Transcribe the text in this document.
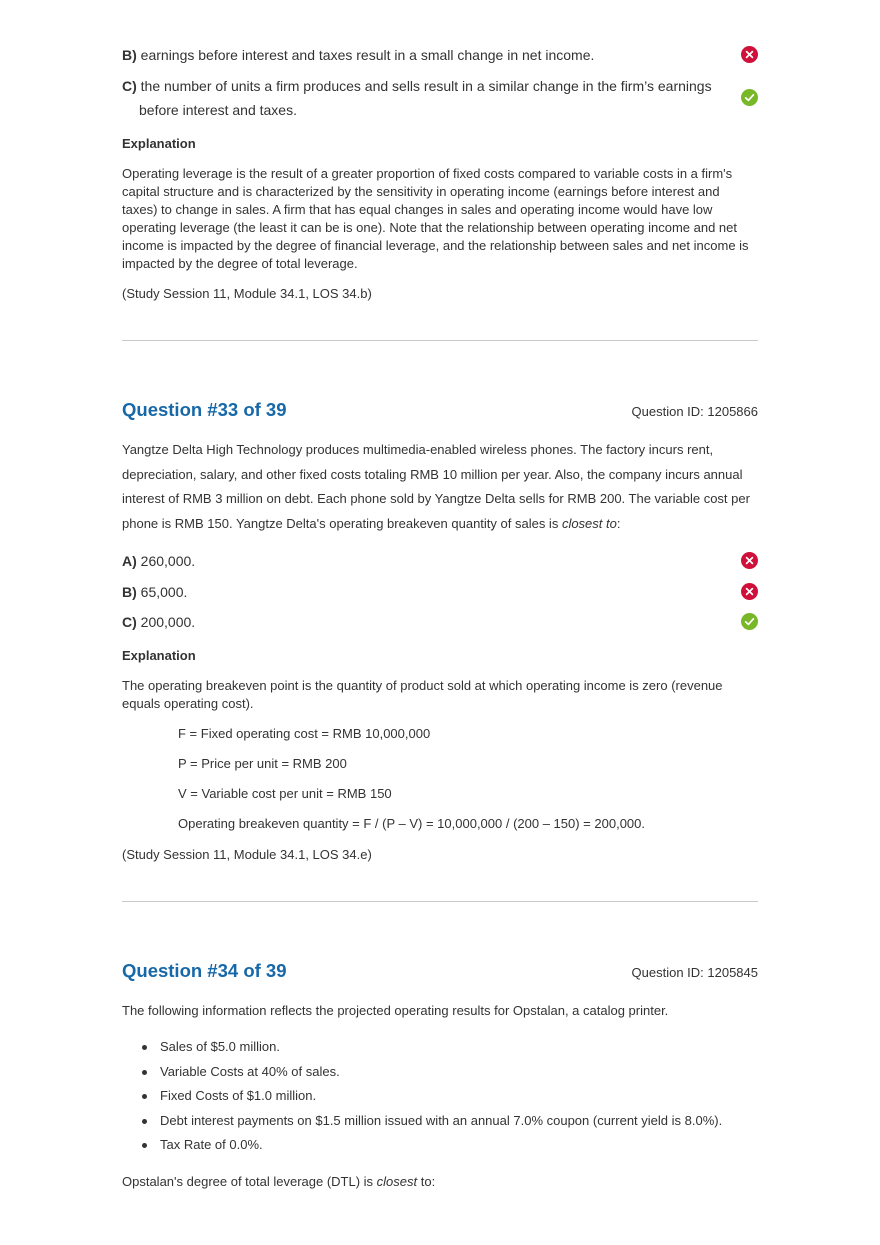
B) earnings before interest and taxes result in a small change in net income.
C) the number of units a firm produces and sells result in a similar change in the firm’s earnings before interest and taxes.
Explanation
Operating leverage is the result of a greater proportion of fixed costs compared to variable costs in a firm's capital structure and is characterized by the sensitivity in operating income (earnings before interest and taxes) to change in sales. A firm that has equal changes in sales and operating income would have low operating leverage (the least it can be is one). Note that the relationship between operating income and net income is impacted by the degree of financial leverage, and the relationship between sales and net income is impacted by the degree of total leverage.
(Study Session 11, Module 34.1, LOS 34.b)
Question #33 of 39	Question ID: 1205866
Yangtze Delta High Technology produces multimedia-enabled wireless phones. The factory incurs rent, depreciation, salary, and other fixed costs totaling RMB 10 million per year. Also, the company incurs annual interest of RMB 3 million on debt. Each phone sold by Yangtze Delta sells for RMB 200. The variable cost per phone is RMB 150. Yangtze Delta's operating breakeven quantity of sales is closest to:
A) 260,000.
B) 65,000.
C) 200,000.
Explanation
The operating breakeven point is the quantity of product sold at which operating income is zero (revenue equals operating cost).
F = Fixed operating cost = RMB 10,000,000
P = Price per unit = RMB 200
V = Variable cost per unit = RMB 150
Operating breakeven quantity = F / (P – V) = 10,000,000 / (200 – 150) = 200,000.
(Study Session 11, Module 34.1, LOS 34.e)
Question #34 of 39	Question ID: 1205845
The following information reflects the projected operating results for Opstalan, a catalog printer.
Sales of $5.0 million.
Variable Costs at 40% of sales.
Fixed Costs of $1.0 million.
Debt interest payments on $1.5 million issued with an annual 7.0% coupon (current yield is 8.0%).
Tax Rate of 0.0%.
Opstalan's degree of total leverage (DTL) is closest to:
